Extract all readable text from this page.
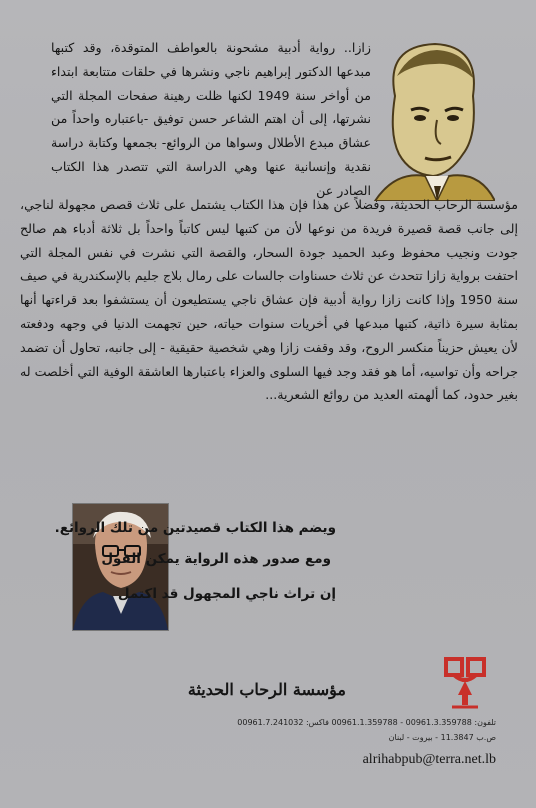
زازا.. رواية أدبية مشحونة بالعواطف المتوقدة، وقد كتبها مبدعها الدكتور إبراهيم ناجي ونشرها في حلقات متتابعة ابتداء من أواخر سنة 1949 لكنها ظلت رهينة صفحات المجلة التي نشرتها، إلى أن اهتم الشاعر حسن توفيق -باعتباره واحداً من عشاق مبدع الأطلال وسواها من الروائع- بجمعها وكتابة دراسة نقدية وإنسانية عنها وهي الدراسة التي تتصدر هذا الكتاب الصادر عن

مؤسسة الرحاب الحديثة، وفضلاً عن هذا فإن هذا الكتاب يشتمل على ثلاث قصص مجهولة لناجي، إلى جانب قصة قصيرة فريدة من نوعها لأن من كتبها ليس كاتباً واحداً بل ثلاثة أدباء هم صالح جودت ونجيب محفوظ وعبد الحميد جودة السحار، والقصة التي نشرت في نفس المجلة التي احتفت برواية زازا تتحدث عن ثلاث حسناوات جالسات على رمال بلاج جليم بالإسكندرية في صيف سنة 1950 وإذا كانت زازا رواية أدبية فإن عشاق ناجي يستطيعون أن يستشفوا بعد قراءتها أنها بمثابة سيرة ذاتية، كتبها مبدعها في أخريات سنوات حياته، حين تجهمت الدنيا في وجهه ودفعته لأن يعيش حزيناً منكسر الروح، وقد وقفت زازا وهي شخصية حقيقية - إلى جانبه، تحاول أن تضمد جراحه وأن تواسيه، أما هو فقد وجد فيها السلوى والعزاء باعتبارها العاشقة الوفية التي أخلصت له بغير حدود، كما ألهمته العديد من روائع الشعرية...

ويضم هذا الكتاب قصيدتين من تلك الروائع.

ومع صدور هذه الرواية يمكن القول

إن تراث ناجي المجهول قد اكتمل

مؤسسة الرحاب الحديثة
تلفون: 00961.3.359788 - 00961.1.359788 فاكس: 00961.7.241032
ص.ب 11.3847 - بيروت - لبنان
alrihabpub@terra.net.lb
